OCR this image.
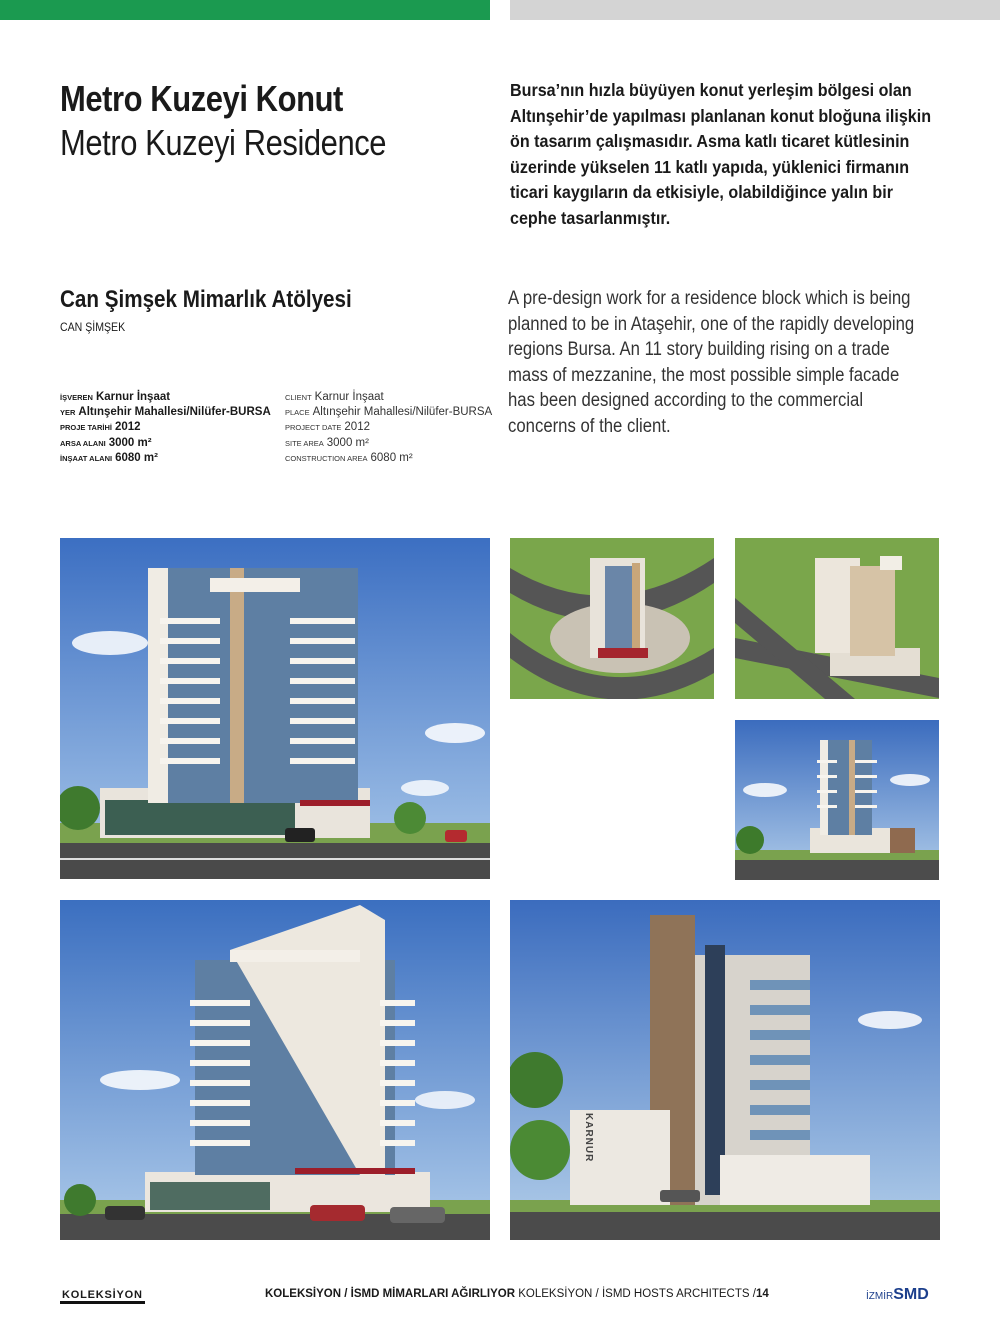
Metro Kuzeyi Konut
Metro Kuzeyi Residence
Bursa’nın hızla büyüyen konut yerleşim bölgesi olan Altınşehir’de yapılması planlanan konut bloğuna ilişkin ön tasarım çalışmasıdır. Asma katlı ticaret kütlesinin üzerinde yükselen 11 katlı yapıda, yüklenici firmanın ticari kaygıların da etkisiyle, olabildiğince yalın bir cephe tasarlanmıştır.
A pre-design work for a residence block which is being planned to be in Ataşehir, one of the rapidly developing regions Bursa. An 11 story building rising on a trade mass of mezzanine, the most possible simple facade has been designed according to the commercial concerns of the client.
Can Şimşek Mimarlık Atölyesi
CAN ŞİMŞEK
İŞVEREN Karnur İnşaat
YER Altınşehir Mahallesi/Nilüfer-BURSA
PROJE TARİHİ 2012
ARSA ALANI 3000 m²
İNŞAAT ALANI 6080 m²
CLIENT Karnur İnşaat
PLACE Altınşehir Mahallesi/Nilüfer-BURSA
PROJECT DATE 2012
SITE AREA 3000 m²
CONSTRUCTION AREA 6080 m²
KARNUR
KOLEKSİYON	KOLEKSİYON / İSMD MİMARLARI AĞIRLIYOR KOLEKSİYON / İSMD HOSTS ARCHITECTS /14	İZMİRSMD
